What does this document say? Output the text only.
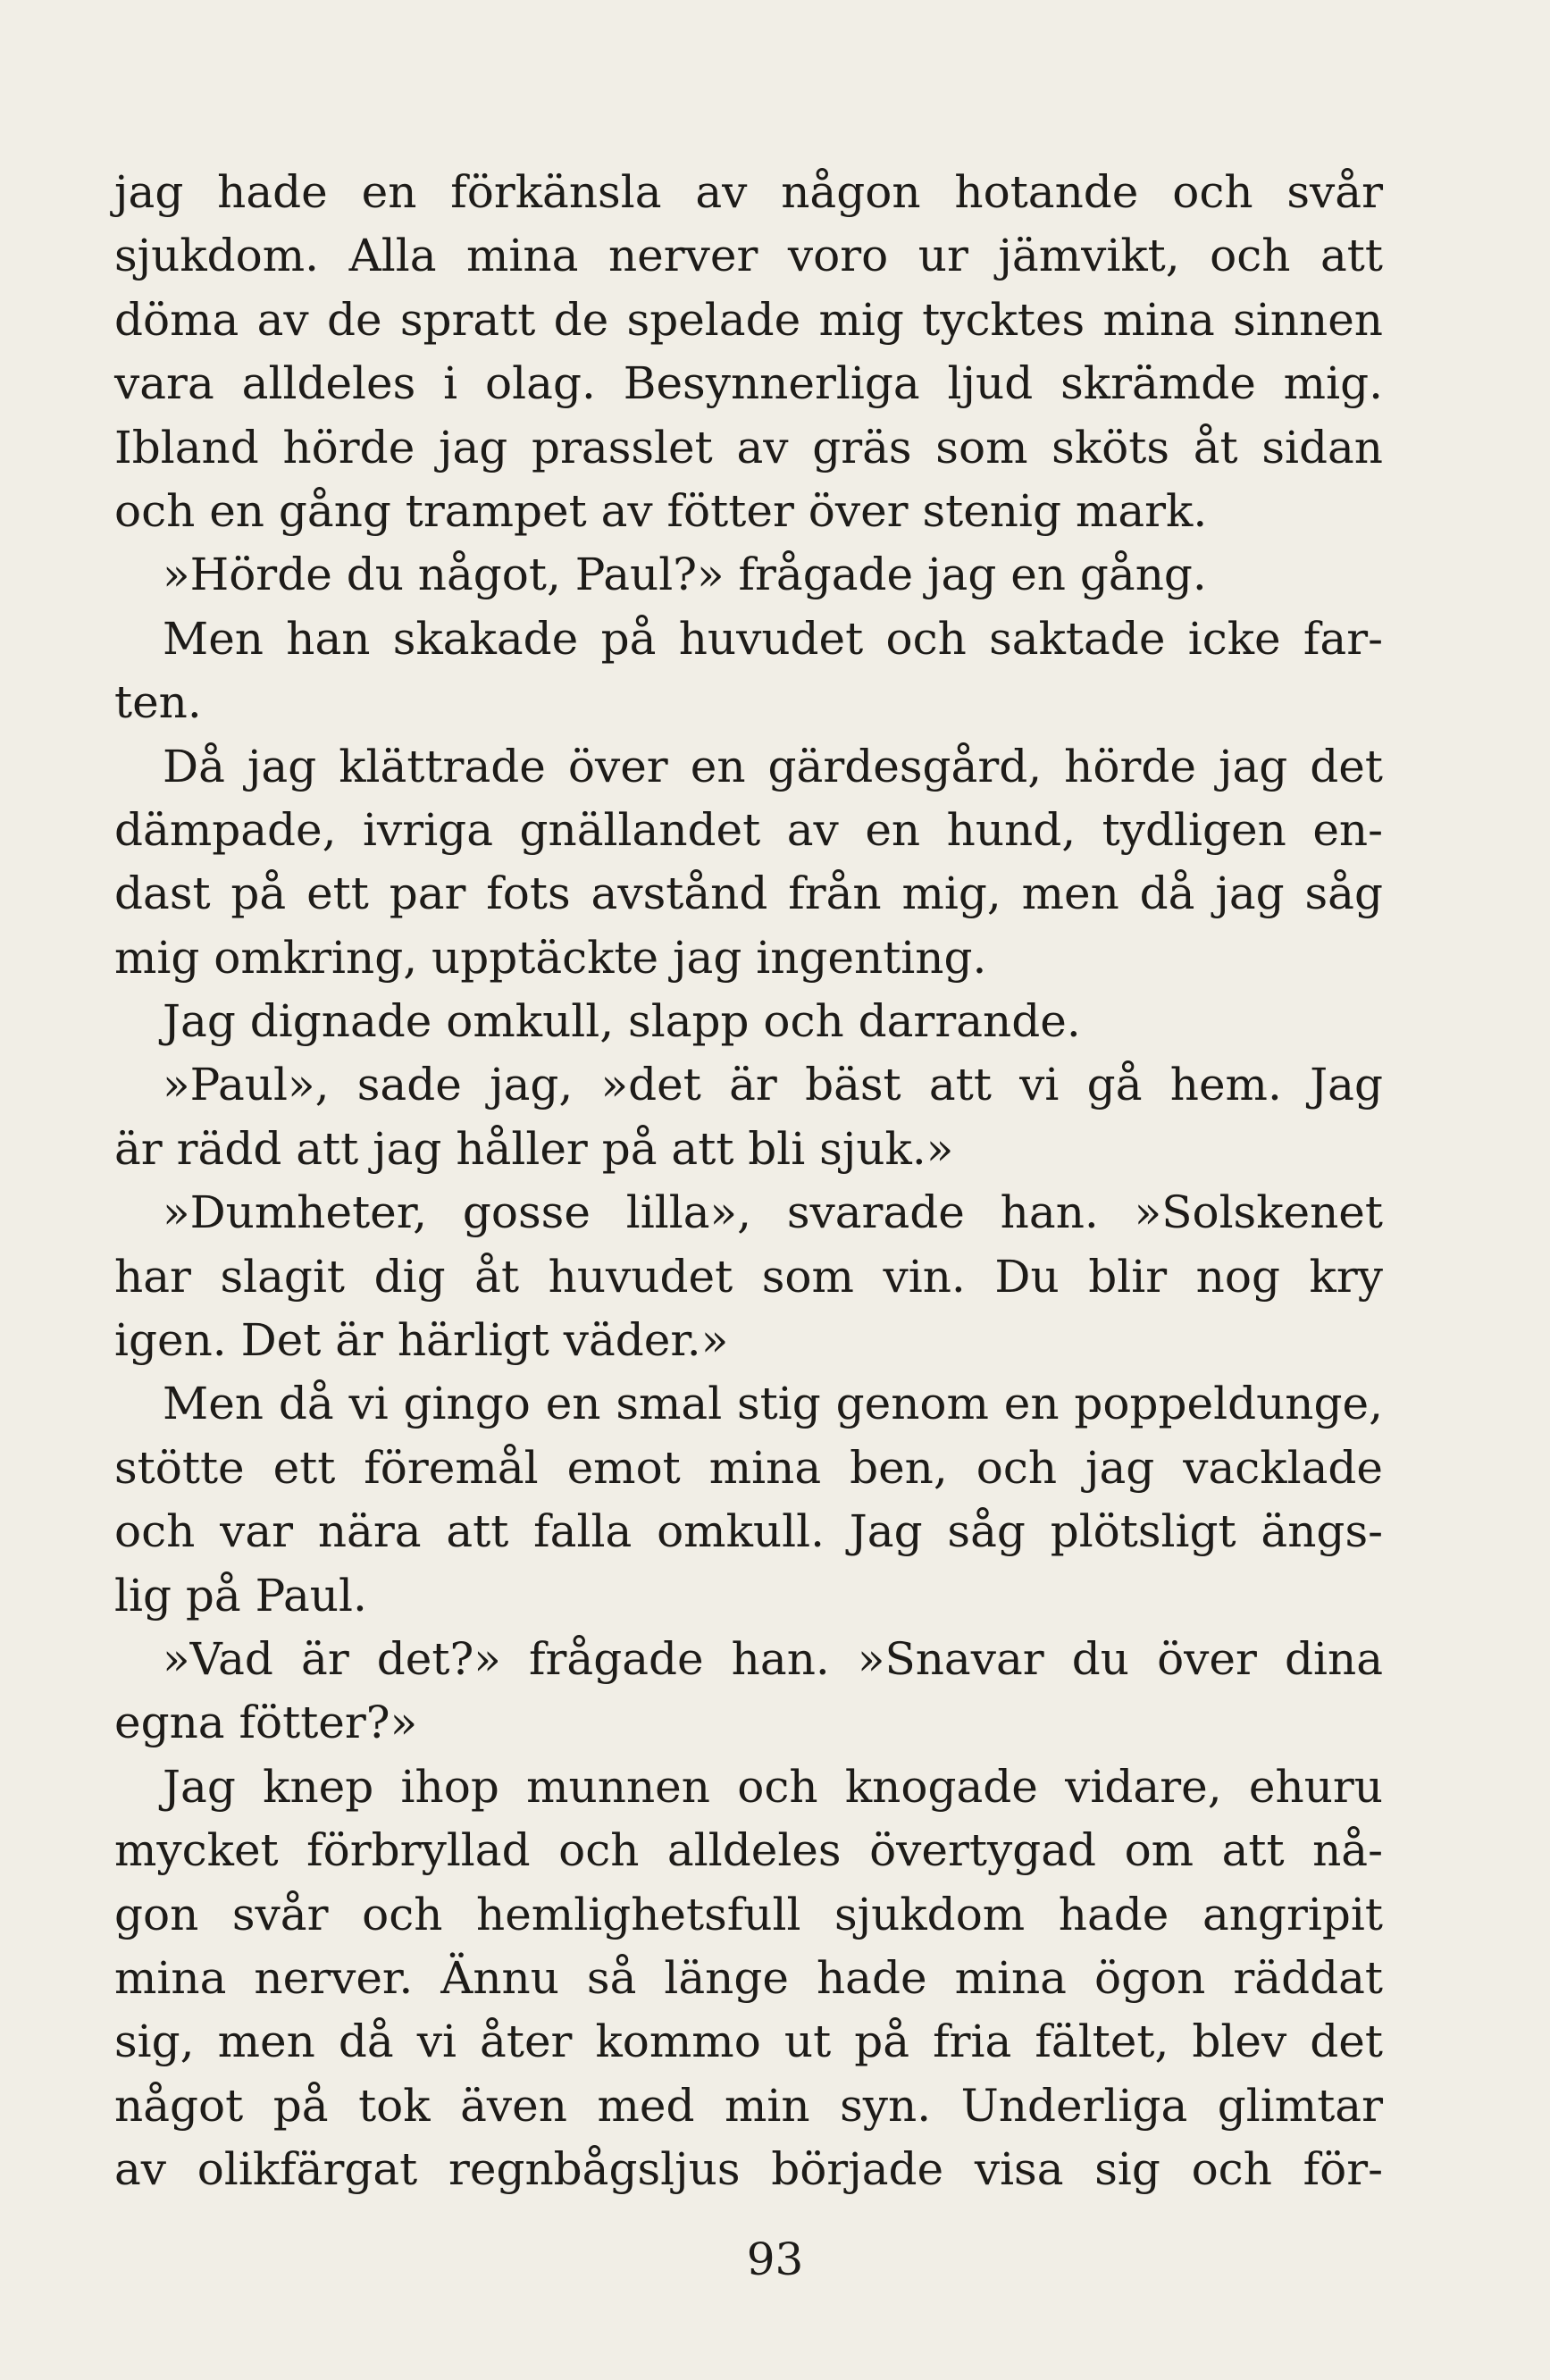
jag hade en förkänsla av någon hotande och svår
sjukdom. Alla mina nerver voro ur jämvikt, och att
döma av de spratt de spelade mig tycktes mina sinnen
vara alldeles i olag. Besynnerliga ljud skrämde mig.
Ibland hörde jag prasslet av gräs som sköts åt sidan
och en gång trampet av fötter över stenig mark.
»Hörde du något, Paul?» frågade jag en gång.
Men han skakade på huvudet och saktade icke far-
ten.
Då jag klättrade över en gärdesgård, hörde jag det
dämpade, ivriga gnällandet av en hund, tydligen en-
dast på ett par fots avstånd från mig, men då jag såg
mig omkring, upptäckte jag ingenting.
Jag dignade omkull, slapp och darrande.
»Paul», sade jag, »det är bäst att vi gå hem. Jag
är rädd att jag håller på att bli sjuk.»
»Dumheter, gosse lilla», svarade han. »Solskenet
har slagit dig åt huvudet som vin. Du blir nog kry
igen. Det är härligt väder.»
Men då vi gingo en smal stig genom en poppeldunge,
stötte ett föremål emot mina ben, och jag vacklade
och var nära att falla omkull. Jag såg plötsligt ängs-
lig på Paul.
»Vad är det?» frågade han. »Snavar du över dina
egna fötter?»
Jag knep ihop munnen och knogade vidare, ehuru
mycket förbryllad och alldeles övertygad om att nå-
gon svår och hemlighetsfull sjukdom hade angripit
mina nerver. Ännu så länge hade mina ögon räddat
sig, men då vi åter kommo ut på fria fältet, blev det
något på tok även med min syn. Underliga glimtar
av olikfärgat regnbågsljus började visa sig och för-
93
